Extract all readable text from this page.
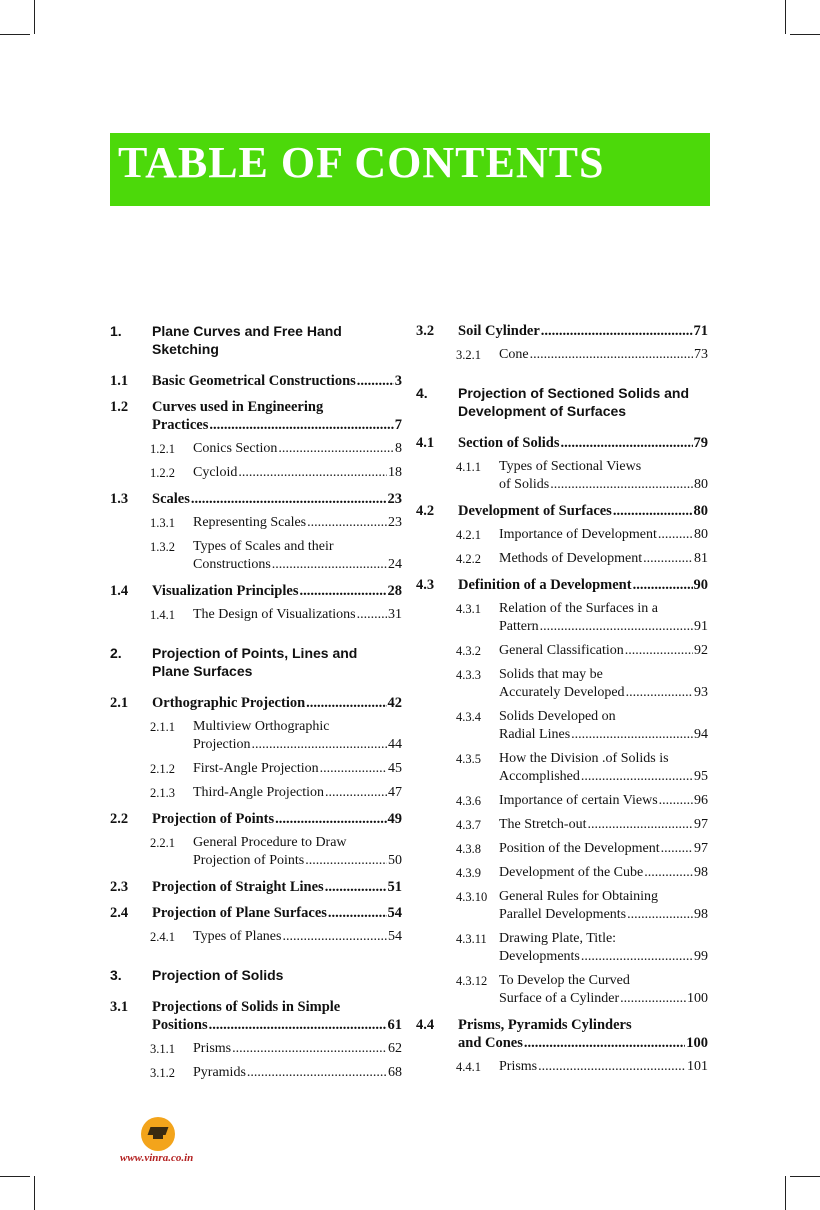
TABLE OF CONTENTS
1. Plane Curves and Free Hand
Sketching
1.1 Basic Geometrical Constructions .....	3
1.2 Curves used in Engineering
Practices .....	7
1.2.1 Conics Section .....	8
1.2.2 Cycloid .....	18
1.3 Scales .....	23
1.3.1 Representing Scales .....	23
1.3.2 Types of Scales and their
Constructions .....	24
1.4 Visualization Principles .....	28
1.4.1 The Design of Visualizations ..... 31
2. Projection of Points, Lines and
Plane Surfaces
2.1 Orthographic Projection .....	42
2.1.1 Multiview Orthographic
Projection .....	44
2.1.2 First-Angle Projection .....	45
2.1.3 Third-Angle Projection .....	47
2.2 Projection of Points .....	49
2.2.1 General Procedure to Draw
Projection of Points .....	50
2.3 Projection of Straight Lines .....	51
2.4 Projection of Plane Surfaces .....	54
2.4.1 Types of Planes .....	54
3. Projection of Solids
3.1 Projections of Solids in Simple
Positions .....	61
3.1.1 Prisms .....	62
3.1.2 Pyramids .....	68
3.2 Soil Cylinder .....	71
3.2.1 Cone .....	73
4. Projection of Sectioned Solids and
Development of Surfaces
4.1 Section of Solids .....	79
4.1.1 Types of Sectional Views
of Solids .....	80
4.2 Development of Surfaces .....	80
4.2.1 Importance of Development .....	80
4.2.2 Methods of Development .....	81
4.3 Definition of a Development .....	90
4.3.1 Relation of the Surfaces in a
Pattern .....	91
4.3.2 General Classification .....	92
4.3.3 Solids that may be
Accurately Developed .....	93
4.3.4 Solids Developed on
Radial Lines .....	94
4.3.5 How the Division .of Solids is
Accomplished .....	95
4.3.6 Importance of certain Views .....	96
4.3.7 The Stretch-out .....	97
4.3.8 Position of the Development ..... 97
4.3.9 Development of the Cube .....	98
4.3.10 General Rules for Obtaining
Parallel Developments .....	98
4.3.11 Drawing Plate, Title:
Developments .....	99
4.3.12 To Develop the Curved
Surface of a Cylinder .....	100
4.4 Prisms, Pyramids Cylinders
and Cones .....	100
4.4.1 Prisms .....	101
www.vinra.co.in
